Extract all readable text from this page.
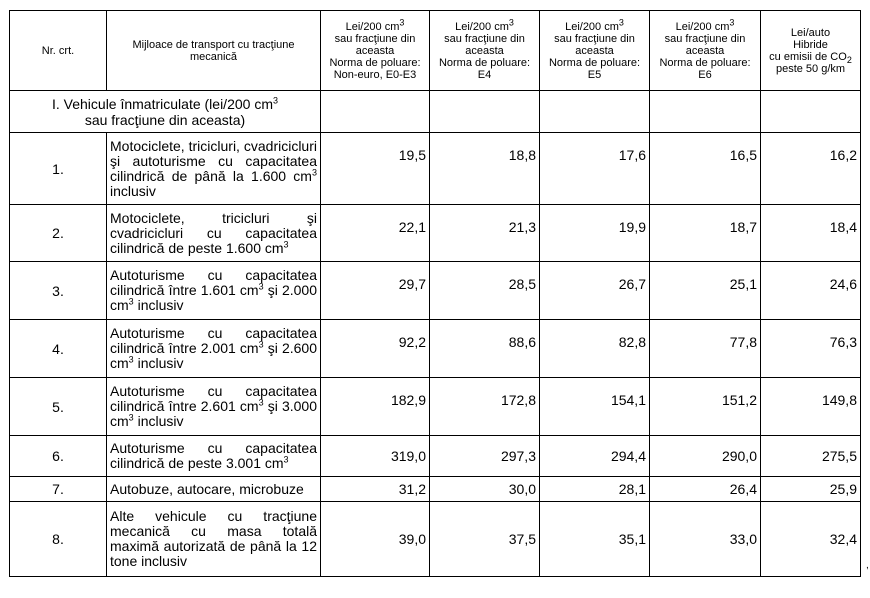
Nr. crt.	Mijloace de transport cu tracţiune mecanică	Lei/200 $cm^3$
sau fracţiune din aceasta
Norma de poluare:
Non-euro, E0-E3	Lei/200 $cm^3$
sau fracţiune din aceasta
Norma de poluare:
E4	Lei/200 $cm^3$
sau fracţiune din aceasta
Norma de poluare:
E5	Lei/200 $cm^3$
sau fracţiune din aceasta
Norma de poluare:
E6	Lei/auto
Hibride
cu emisii de $CO_2$
peste 50 g/km
I. Vehicule înmatriculate (lei/200 $cm^3$
sau fracţiune din aceasta)						
1.	Motociclete, tricicluri, cvadricicluri şi autoturisme cu capacitatea cilindrică de până la 1.600 $cm^3$ inclusiv	19,5	18,8	17,6	16,5	16,2
2.	Motociclete, tricicluri şi cvadricicluri cu capacitatea cilindrică de peste 1.600 $cm^3$	22,1	21,3	19,9	18,7	18,4
3.	Autoturisme cu capacitatea cilindrică între 1.601 $cm^3$ şi 2.000 $cm^3$ inclusiv	29,7	28,5	26,7	25,1	24,6
4.	Autoturisme cu capacitatea cilindrică între 2.001 $cm^3$ şi 2.600 $cm^3$ inclusiv	92,2	88,6	82,8	77,8	76,3
5.	Autoturisme cu capacitatea cilindrică între 2.601 $cm^3$ şi 3.000 $cm^3$ inclusiv	182,9	172,8	154,1	151,2	149,8
6.	Autoturisme cu capacitatea cilindrică de peste 3.001 $cm^3$	319,0	297,3	294,4	290,0	275,5
7.	Autobuze, autocare, microbuze	31,2	30,0	28,1	26,4	25,9
8.	Alte vehicule cu tracţiune mecanică cu masa totală maximă autorizată de până la 12 tone inclusiv	39,0	37,5	35,1	33,0	32,4
,
